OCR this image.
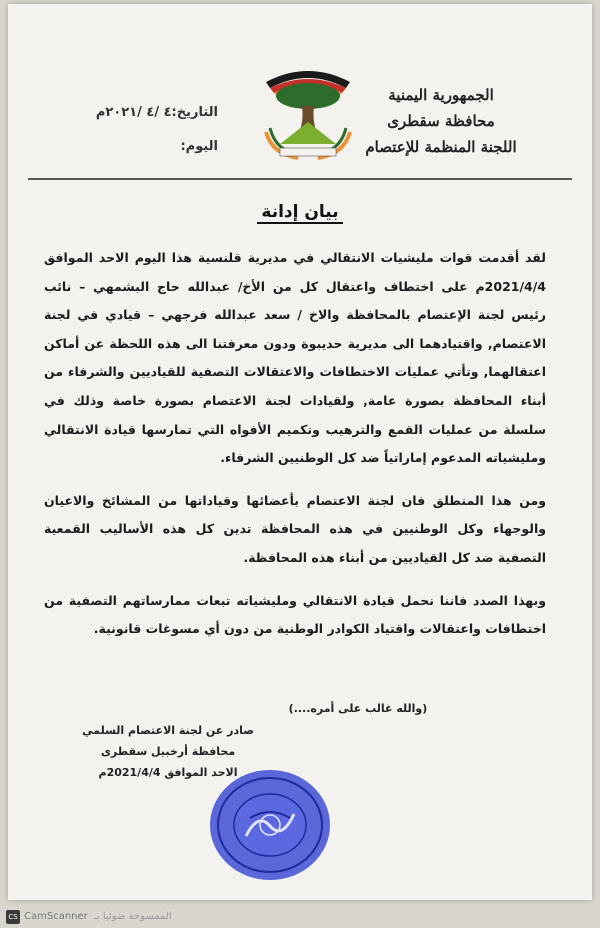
الجمهورية اليمنية
محافظة سقطرى
اللجنة المنظمة للإعتصام
التاريخ:٤ /٤ /٢٠٢١م
اليوم:
بيان إدانة

لقد أقدمت قوات مليشيات الانتقالي في مديرية قلنسية هذا اليوم الاحد الموافق 2021/4/4م على اختطاف واعتقال كل من الأخ/ عبدالله حاج البشمهي – نائب رئيس لجنة الإعتصام بالمحافظة والاخ / سعد عبدالله فرجهي – قيادي في لجنة الاعتصام, واقتيادهما الى مديرية حديبوة ودون معرفتنا الى هذه اللحظة عن أماكن اعتقالهما, وتأتي عمليات الاختطافات والاعتقالات التصفية للقياديين والشرفاء من أبناء المحافظة بصورة عامة, ولقيادات لجنة الاعتصام بصورة خاصة وذلك في سلسلة من عمليات القمع والترهيب وتكميم الأفواه التي تمارسها قيادة الانتقالي ومليشياته المدعوم إماراتياً ضد كل الوطنيين الشرفاء.

ومن هذا المنطلق فان لجنة الاعتصام بأعضائها وقياداتها من المشائخ والاعيان والوجهاء وكل الوطنيين في هذه المحافظة تدين كل هذه الأساليب القمعية التصفية ضد كل القياديين من أبناء هذه المحافظة.

وبهذا الصدد فاننا نحمل قيادة الانتقالي ومليشياته تبعات ممارساتهم التصفية من اختطافات واعتقالات واقتياد الكوادر الوطنية من دون أي مسوغات قانونية.

(والله غالب على أمره....)
صادر عن لجنة الاعتصام السلمي
محافظة أرخبيل سقطرى
الاحد الموافق 2021/4/4م
CS CamScanner الممسوحة ضوئيا بـ
